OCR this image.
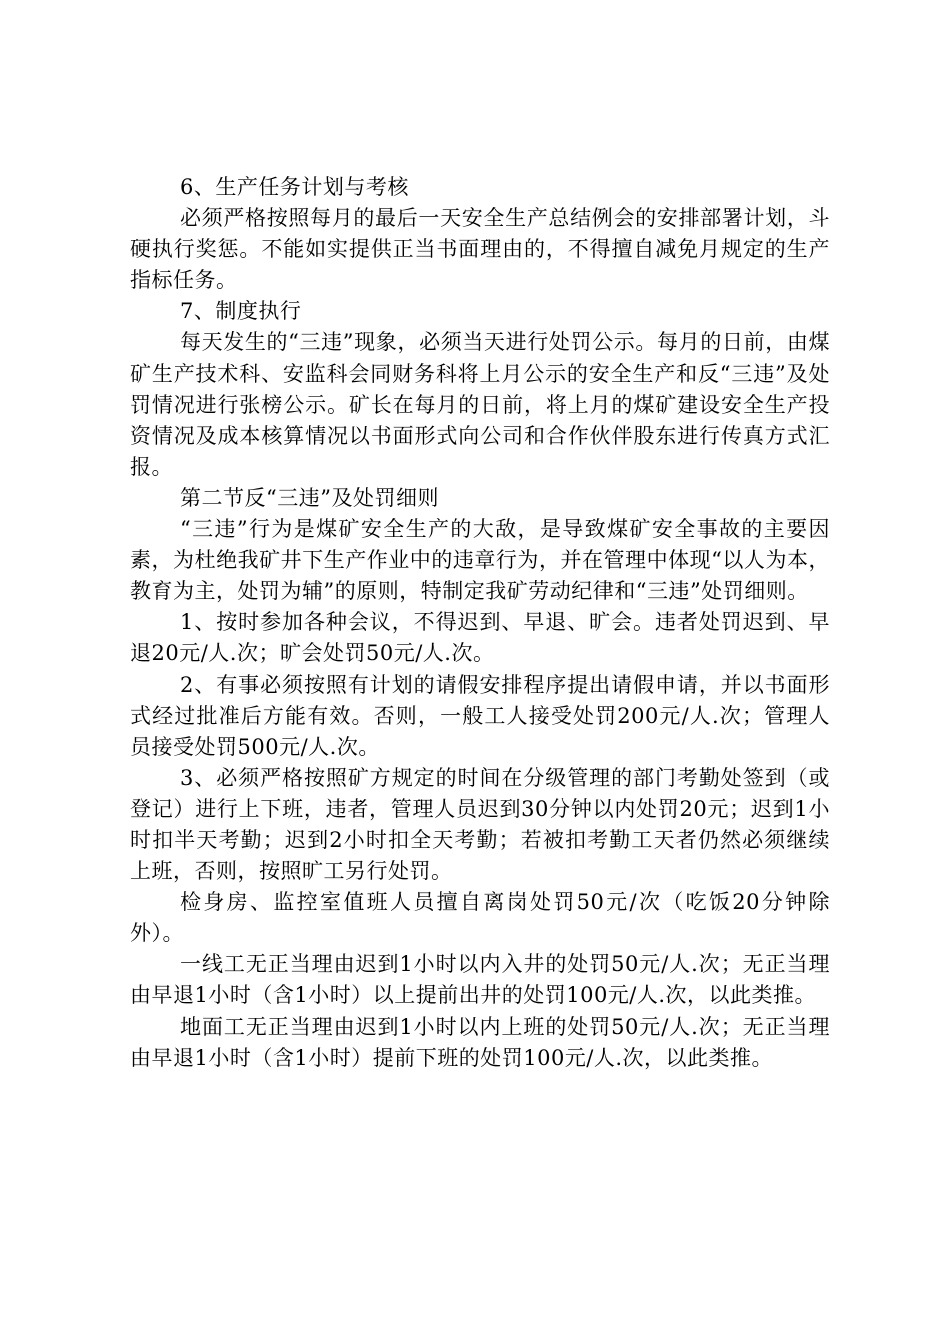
6、生产任务计划与考核

必须严格按照每月的最后一天安全生产总结例会的安排部署计划，斗硬执行奖惩。不能如实提供正当书面理由的，不得擅自减免月规定的生产指标任务。

7、制度执行

每天发生的“三违”现象，必须当天进行处罚公示。每月的日前，由煤矿生产技术科、安监科会同财务科将上月公示的安全生产和反“三违”及处罚情况进行张榜公示。矿长在每月的日前，将上月的煤矿建设安全生产投资情况及成本核算情况以书面形式向公司和合作伙伴股东进行传真方式汇报。

第二节反“三违”及处罚细则

“三违”行为是煤矿安全生产的大敌，是导致煤矿安全事故的主要因素，为杜绝我矿井下生产作业中的违章行为，并在管理中体现“以人为本，教育为主，处罚为辅”的原则，特制定我矿劳动纪律和“三违”处罚细则。

1、按时参加各种会议，不得迟到、早退、旷会。违者处罚迟到、早退20元/人.次；旷会处罚50元/人.次。

2、有事必须按照有计划的请假安排程序提出请假申请，并以书面形式经过批准后方能有效。否则，一般工人接受处罚200元/人.次；管理人员接受处罚500元/人.次。

3、必须严格按照矿方规定的时间在分级管理的部门考勤处签到（或登记）进行上下班，违者，管理人员迟到30分钟以内处罚20元；迟到1小时扣半天考勤；迟到2小时扣全天考勤；若被扣考勤工天者仍然必须继续上班，否则，按照旷工另行处罚。

检身房、监控室值班人员擅自离岗处罚50元/次（吃饭20分钟除外）。

一线工无正当理由迟到1小时以内入井的处罚50元/人.次；无正当理由早退1小时（含1小时）以上提前出井的处罚100元/人.次，以此类推。

地面工无正当理由迟到1小时以内上班的处罚50元/人.次；无正当理由早退1小时（含1小时）提前下班的处罚100元/人.次，以此类推。
